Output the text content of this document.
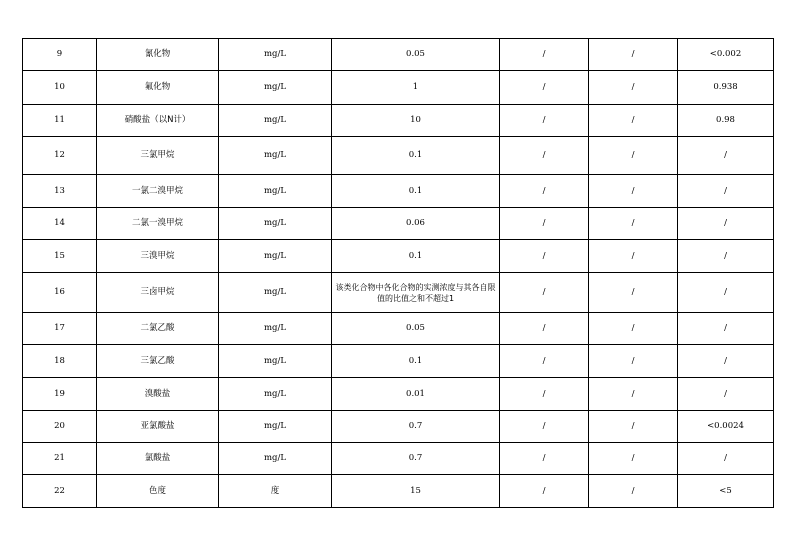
9	氰化物	mg/L	0.05	/	/	<0.002
10	氟化物	mg/L	1	/	/	0.938
11	硝酸盐（以N计）	mg/L	10	/	/	0.98
12	三氯甲烷	mg/L	0.1	/	/	/
13	一氯二溴甲烷	mg/L	0.1	/	/	/
14	二氯一溴甲烷	mg/L	0.06	/	/	/
15	三溴甲烷	mg/L	0.1	/	/	/
16	三卤甲烷	mg/L	该类化合物中各化合物的实测浓度与其各自限值的比值之和不超过1	/	/	/
17	二氯乙酸	mg/L	0.05	/	/	/
18	三氯乙酸	mg/L	0.1	/	/	/
19	溴酸盐	mg/L	0.01	/	/	/
20	亚氯酸盐	mg/L	0.7	/	/	<0.0024
21	氯酸盐	mg/L	0.7	/	/	/
22	色度	度	15	/	/	<5
